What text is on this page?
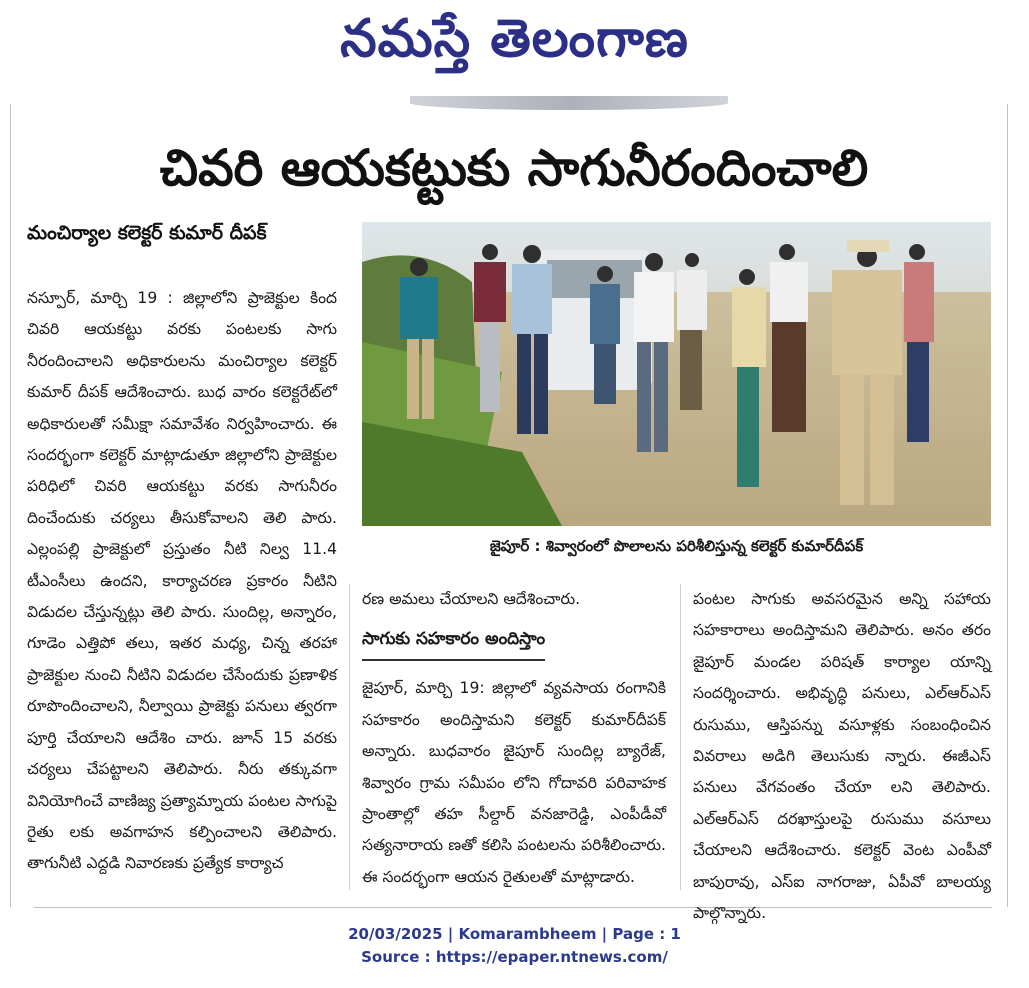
నమస్తే తెలంగాణ
చివరి ఆయకట్టుకు సాగునీరందించాలి
మంచిర్యాల కలెక్టర్ కుమార్ దీపక్
జైపూర్ : శివ్వారంలో పొలాలను పరిశీలిస్తున్న కలెక్టర్ కుమార్‌దీపక్

నస్పూర్, మార్చి 19 : జిల్లాలోని ప్రాజెక్టుల కింద చివరి ఆయకట్టు వరకు పంటలకు సాగు నీరందించాలని అధికారులను మంచిర్యాల కలెక్టర్ కుమార్ దీపక్ ఆదేశించారు. బుధ వారం కలెక్టరేట్‌లో అధికారులతో సమీక్షా సమావేశం నిర్వహించారు. ఈ సందర్భంగా కలెక్టర్ మాట్లాడుతూ జిల్లాలోని ప్రాజెక్టుల పరిధిలో చివరి ఆయకట్టు వరకు సాగునీరం దించేందుకు చర్యలు తీసుకోవాలని తెలి పారు. ఎల్లంపల్లి ప్రాజెక్టులో ప్రస్తుతం నీటి నిల్వ 11.4 టీఎంసీలు ఉందని, కార్యాచరణ ప్రకారం నీటిని విడుదల చేస్తున్నట్లు తెలి పారు. సుందిల్ల, అన్నారం, గూడెం ఎత్తిపో తలు, ఇతర మధ్య, చిన్న తరహా ప్రాజెక్టుల నుంచి నీటిని విడుదల చేసేందుకు ప్రణాళిక రూపొందించాలని, నీల్వాయి ప్రాజెక్టు పనులు త్వరగా పూర్తి చేయాలని ఆదేశిం చారు. జూన్ 15 వరకు చర్యలు చేపట్టాలని తెలిపారు. నీరు తక్కువగా వినియోగించే వాణిజ్య ప్రత్యామ్నాయ పంటల సాగుపై రైతు లకు అవగాహన కల్పించాలని తెలిపారు. తాగునీటి ఎద్దడి నివారణకు ప్రత్యేక కార్యాచ

రణ అమలు చేయాలని ఆదేశించారు.

సాగుకు సహకారం అందిస్తాం

జైపూర్, మార్చి 19: జిల్లాలో వ్యవసాయ రంగానికి సహకారం అందిస్తామని కలెక్టర్ కుమార్‌దీపక్ అన్నారు. బుధవారం జైపూర్ సుందిల్ల బ్యారేజ్, శివ్వారం గ్రామ సమీపం లోని గోదావరి పరివాహక ప్రాంతాల్లో తహ సీల్దార్ వనజారెడ్డి, ఎంపీడీవో సత్యనారాయ ణతో కలిసి పంటలను పరిశీలించారు. ఈ సందర్భంగా ఆయన రైతులతో మాట్లాడారు.

పంటల సాగుకు అవసరమైన అన్ని సహాయ సహకారాలు అందిస్తామని తెలిపారు. అనం తరం జైపూర్ మండల పరిషత్ కార్యాల యాన్ని సందర్శించారు. అభివృద్ధి పనులు, ఎల్ఆర్ఎస్ రుసుము, ఆస్తిపన్ను వసూళ్లకు సంబంధించిన వివరాలు అడిగి తెలుసుకు న్నారు. ఈజీఎస్ పనులు వేగవంతం చేయా లని తెలిపారు. ఎల్ఆర్ఎస్ దరఖాస్తులపై రుసుము వసూలు చేయాలని ఆదేశించారు. కలెక్టర్ వెంట ఎంపీవో బాపురావు, ఎస్ఐ నాగరాజు, ఏపీవో బాలయ్య పాల్గొన్నారు.

20/03/2025 | Komarambheem | Page : 1
Source : https://epaper.ntnews.com/
